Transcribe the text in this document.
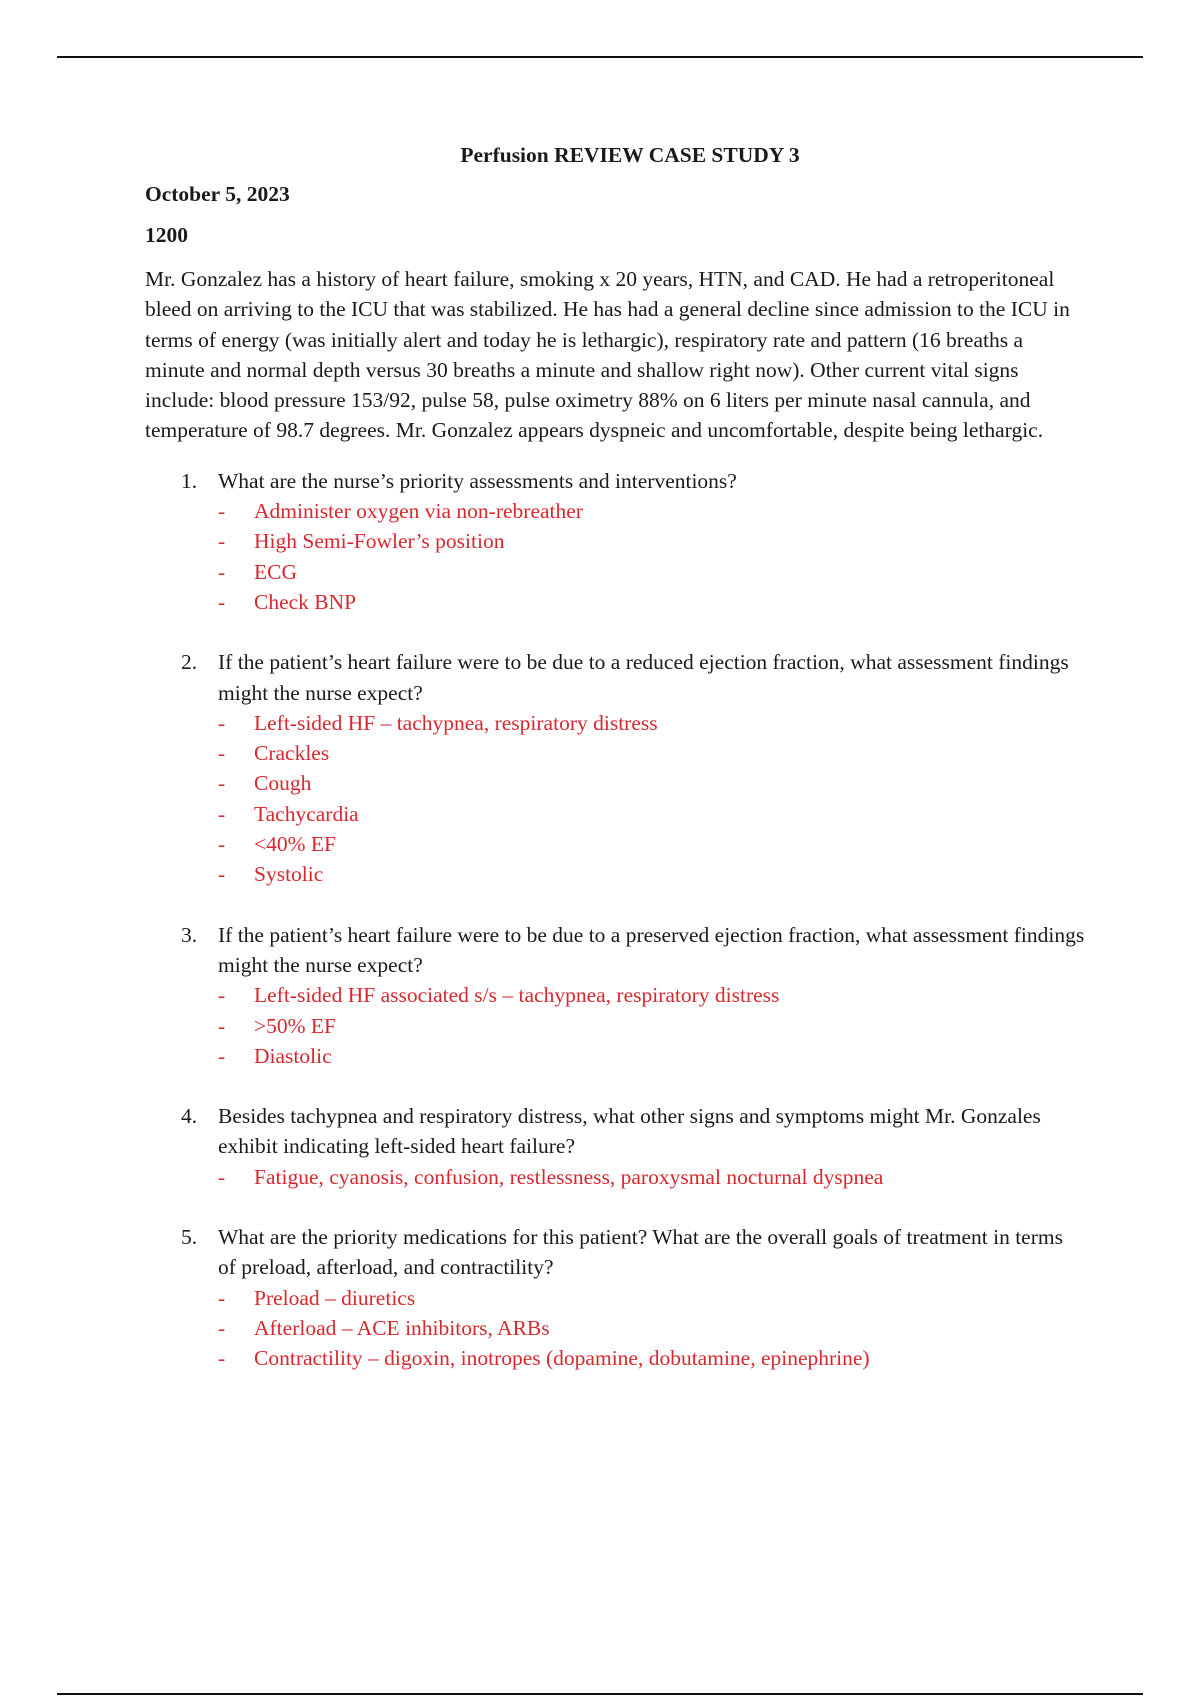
Perfusion REVIEW CASE STUDY 3
October 5, 2023
1200
Mr. Gonzalez has a history of heart failure, smoking x 20 years, HTN, and CAD. He had a retroperitoneal bleed on arriving to the ICU that was stabilized. He has had a general decline since admission to the ICU in terms of energy (was initially alert and today he is lethargic), respiratory rate and pattern (16 breaths a minute and normal depth versus 30 breaths a minute and shallow right now). Other current vital signs include: blood pressure 153/92, pulse 58, pulse oximetry 88% on 6 liters per minute nasal cannula, and temperature of 98.7 degrees. Mr. Gonzalez appears dyspneic and uncomfortable, despite being lethargic.
1. What are the nurse’s priority assessments and interventions?
- Administer oxygen via non-rebreather
- High Semi-Fowler’s position
- ECG
- Check BNP
2. If the patient’s heart failure were to be due to a reduced ejection fraction, what assessment findings might the nurse expect?
- Left-sided HF – tachypnea, respiratory distress
- Crackles
- Cough
- Tachycardia
- <40% EF
- Systolic
3. If the patient’s heart failure were to be due to a preserved ejection fraction, what assessment findings might the nurse expect?
- Left-sided HF associated s/s – tachypnea, respiratory distress
- >50% EF
- Diastolic
4. Besides tachypnea and respiratory distress, what other signs and symptoms might Mr. Gonzales exhibit indicating left-sided heart failure?
- Fatigue, cyanosis, confusion, restlessness, paroxysmal nocturnal dyspnea
5. What are the priority medications for this patient? What are the overall goals of treatment in terms of preload, afterload, and contractility?
- Preload – diuretics
- Afterload – ACE inhibitors, ARBs
- Contractility – digoxin, inotropes (dopamine, dobutamine, epinephrine)
